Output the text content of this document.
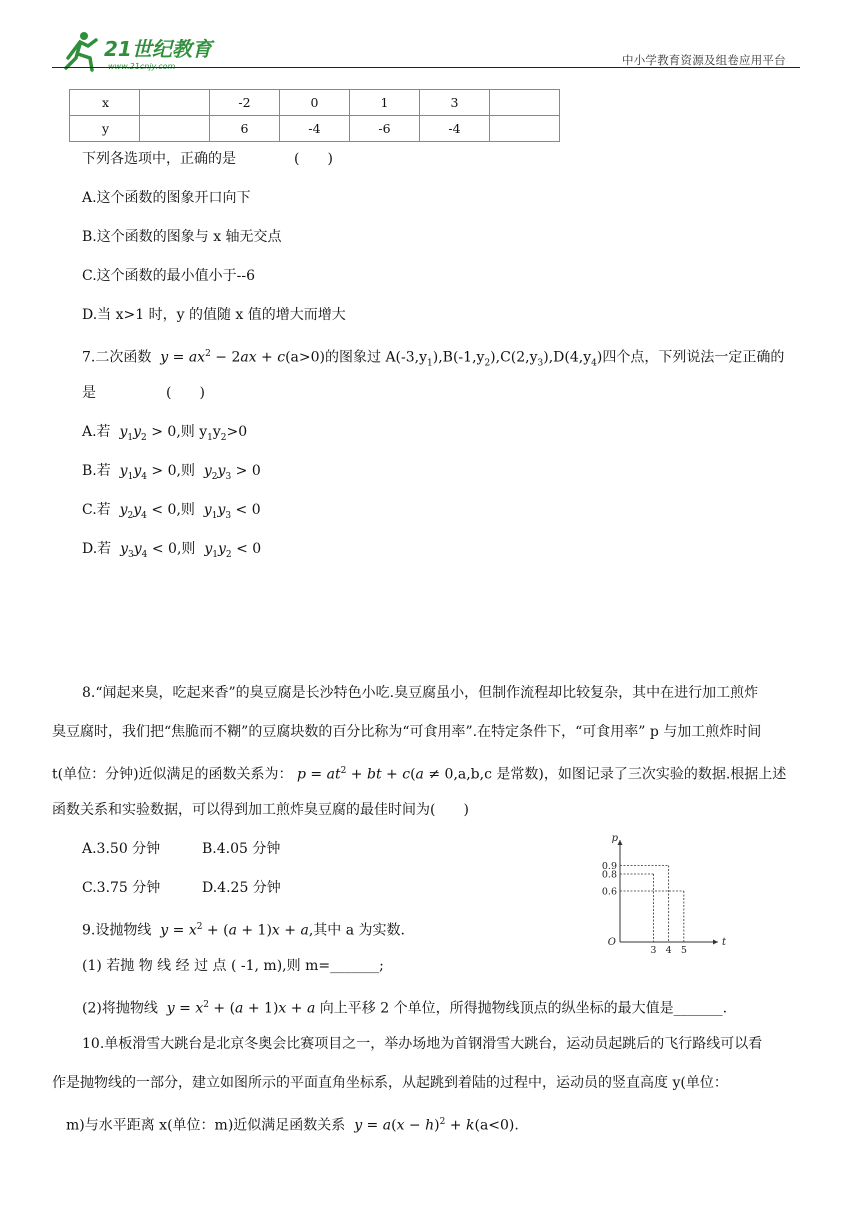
21世纪教育
www.21cnjy.com	中小学教育资源及组卷应用平台
x		-2	0	1	3	
y		6	-4	-6	-4	
下列各选项中，正确的是	(　　)
A.这个函数的图象开口向下
B.这个函数的图象与 x 轴无交点
C.这个函数的最小值小于--6
D.当 x>1 时，y 的值随 x 值的增大而增大
7.二次函数 $y = ax^2 - 2ax + c(a>0)$的图象过 $A(-3,y_1),B(-1,y_2),C(2,y_3),D(4,y_4)$四个点，下列说法一定正确的
是	(　　)
A.若 $y_1y_2 > 0$,则 $y_1y_2>0$
B.若 $y_1y_4 > 0$,则 $y_2y_3 > 0$
C.若 $y_2y_4 < 0$,则 $y_1y_3 < 0$
D.若 $y_3y_4 < 0$,则 $y_1y_2 < 0$
8.“闻起来臭，吃起来香”的臭豆腐是长沙特色小吃.臭豆腐虽小，但制作流程却比较复杂，其中在进行加工煎炸
臭豆腐时，我们把“焦脆而不糊”的豆腐块数的百分比称为“可食用率”.在特定条件下，“可食用率” p 与加工煎炸时间
t(单位：分钟)近似满足的函数关系为： $p = at^2$ + bt + c(a ≠ 0,a,b,c 是常数)，如图记录了三次实验的数据.根据上述
函数关系和实验数据，可以得到加工煎炸臭豆腐的最佳时间为(　　)
A.3.50 分钟	B.4.05 分钟
C.3.75 分钟	D.4.25 分钟
p
t
O
0.9
0.8
0.6
3 4 5
9.设抛物线 $y = x^2 + (a + 1)x + a$,其中 a 为实数.
(1) 若抛 物 线 经 过 点 ( -1, m),则 m=_______;
(2)将抛物线 $y = x^2 + (a + 1)x + a$ 向上平移 2 个单位，所得抛物线顶点的纵坐标的最大值是_______.
10.单板滑雪大跳台是北京冬奥会比赛项目之一，举办场地为首钢滑雪大跳台，运动员起跳后的飞行路线可以看
作是抛物线的一部分，建立如图所示的平面直角坐标系，从起跳到着陆的过程中，运动员的竖直高度 y(单位：
m)与水平距离 x(单位：m)近似满足函数关系 $y = a(x - h)^2 + k(a<0)$.
